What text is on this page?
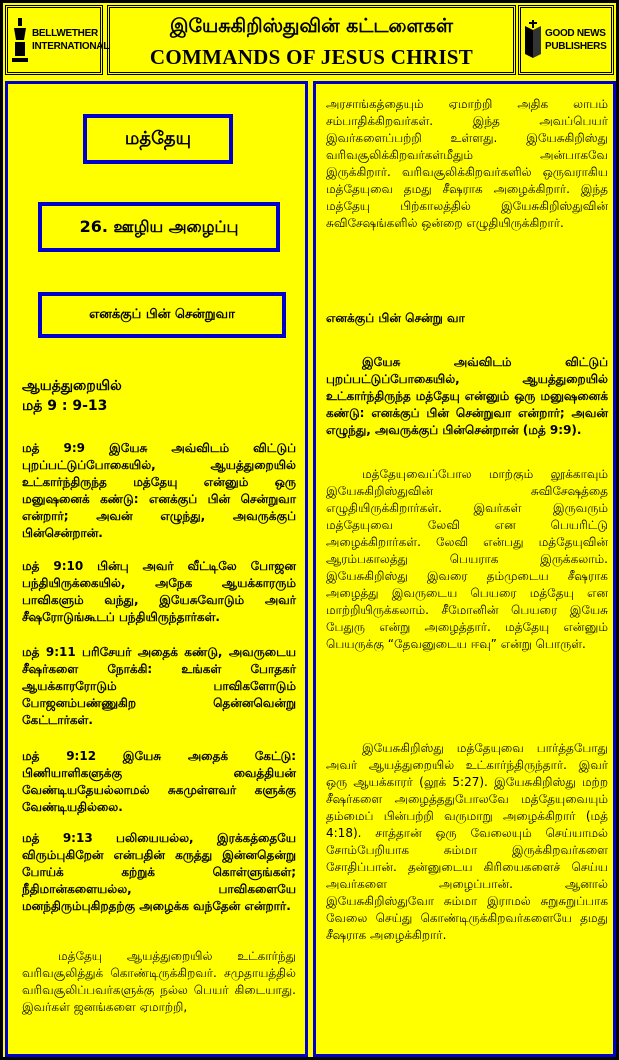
BELLWETHER INTERNATIONAL
இயேசுகிறிஸ்துவின் கட்டளைகள்
COMMANDS OF JESUS CHRIST
GOOD NEWS PUBLISHERS
மத்தேயு
26. ஊழிய அழைப்பு
எனக்குப் பின் சென்றுவா
ஆயத்துறையில்
மத் 9 : 9-13
மத் 9:9 இயேசு அவ்விடம் விட்டுப் புறப்பட்டுப்போகையில், ஆயத்துறையில் உட்கார்ந்திருந்த மத்தேயு என்னும் ஒரு மனுஷனைக் கண்டு: எனக்குப் பின் சென்றுவா என்றார்; அவன் எழுந்து, அவருக்குப் பின்சென்றான்.
மத் 9:10 பின்பு அவர் வீட்டிலே போஜன பந்தியிருக்கையில், அநேக ஆயக்காரரும் பாவிகளும் வந்து, இயேசுவோடும் அவர் சீஷரோடுங்கூடப் பந்தியிருந்தார்கள்.
மத் 9:11 பரிசேயர் அதைக் கண்டு, அவருடைய சீஷர்களை நோக்கி: உங்கள் போதகர் ஆயக்காரரோடும் பாவிகளோடும் போஜனம்பண்ணுகிற தென்னவென்று கேட்டார்கள்.
மத் 9:12 இயேசு அதைக் கேட்டு: பிணியாளிகளுக்கு வைத்தியன் வேண்டியதேயல்லாமல் சுகமுள்ளவர் களுக்கு வேண்டியதில்லை.
மத் 9:13 பலியையல்ல, இரக்கத்தையே விரும்புகிறேன் என்பதின் கருத்து இன்னதென்று போய்க் கற்றுக் கொள்ளுங்கள்; நீதிமான்களையல்ல, பாவிகளையே மனந்திரும்புகிறதற்கு அழைக்க வந்தேன் என்றார்.
மத்தேயு ஆயத்துறையில் உட்கார்ந்து வரிவசூலித்துக் கொண்டிருக்கிறவர். சமுதாயத்தில் வரிவசூலிப்பவர்களுக்கு நல்ல பெயர் கிடையாது. இவர்கள் ஜனங்களை ஏமாற்றி,
அரசாங்கத்தையும் ஏமாற்றி அதிக லாபம் சம்பாதிக்கிறவர்கள். இந்த அவப்பெயர் இவர்களைப்பற்றி உள்ளது. இயேசுகிறிஸ்து வரிவசூலிக்கிறவர்கள்மீதும் அன்பாகவே இருக்கிறார். வரிவசூலிக்கிறவர்களில் ஒருவராகிய மத்தேயுவை தமது சீஷராக அழைக்கிறார். இந்த மத்தேயு பிற்காலத்தில் இயேசுகிறிஸ்துவின் சுவிசேஷங்களில் ஒன்றை எழுதியிருக்கிறார்.
எனக்குப் பின் சென்று வா
இயேசு அவ்விடம் விட்டுப் புறப்பட்டுப்போகையில், ஆயத்துறையில் உட்கார்ந்திருந்த மத்தேயு என்னும் ஒரு மனுஷனைக் கண்டு: எனக்குப் பின் சென்றுவா என்றார்; அவன் எழுந்து, அவருக்குப் பின்சென்றான் (மத் 9:9).
மத்தேயுவைப்போல மாற்கும் லூக்காவும் இயேசுகிறிஸ்துவின் சுவிசேஷத்தை எழுதியிருக்கிறார்கள். இவர்கள் இருவரும் மத்தேயுவை லேவி என பெயரிட்டு அழைக்கிறார்கள். லேவி என்பது மத்தேயுவின் ஆரம்பகாலத்து பெயராக இருக்கலாம். இயேசுகிறிஸ்து இவரை தம்முடைய சீஷராக அழைத்து இவருடைய பெயரை மத்தேயு என மாற்றியிருக்கலாம். சீமோனின் பெயரை இயேசு பேதுரு என்று அழைத்தார். மத்தேயு என்னும் பெயருக்கு “தேவனுடைய ஈவு” என்று பொருள்.
இயேசுகிறிஸ்து மத்தேயுவை பார்த்தபோது அவர் ஆயத்துறையில் உட்கார்ந்திருந்தார். இவர் ஒரு ஆயக்காரர் (லூக் 5:27). இயேசுகிறிஸ்து மற்ற சீஷர்களை அழைத்ததுபோலவே மத்தேயுவையும் தம்மைப் பின்பற்றி வருமாறு அழைக்கிறார் (மத் 4:18). சாத்தான் ஒரு வேலையும் செய்யாமல் சோம்பேறியாக சும்மா இருக்கிறவர்களை சோதிப்பான். தன்னுடைய கிரியைகளைச் செய்ய அவர்களை அழைப்பான். ஆனால் இயேசுகிறிஸ்துவோ சும்மா இராமல் சுறுசுறுப்பாக வேலை செய்து கொண்டிருக்கிறவர்களையே தமது சீஷராக அழைக்கிறார்.
